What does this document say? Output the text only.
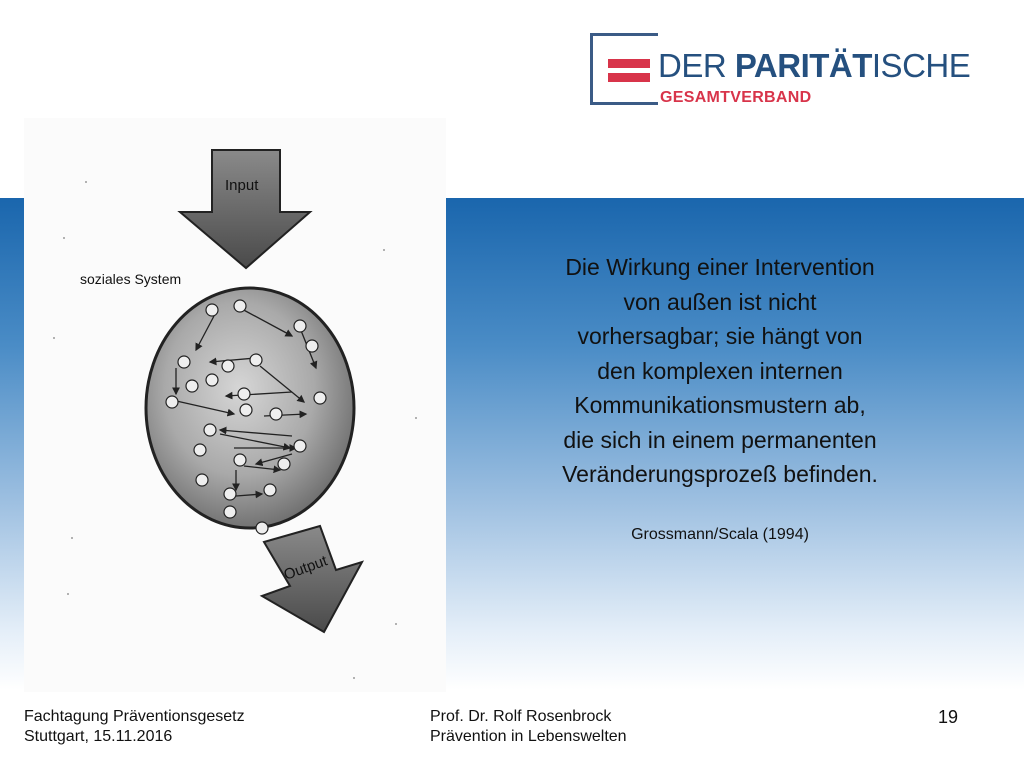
DER PARITÄTISCHE
GESAMTVERBAND
Input
soziales System
Output
Die Wirkung einer Intervention
von außen ist nicht
vorhersagbar; sie hängt von
den komplexen internen
Kommunikationsmustern ab,
die sich in einem permanenten
Veränderungsprozeß befinden.
Grossmann/Scala (1994)
Fachtagung Präventionsgesetz
Stuttgart, 15.11.2016
Prof. Dr. Rolf Rosenbrock
Prävention in Lebenswelten
19
